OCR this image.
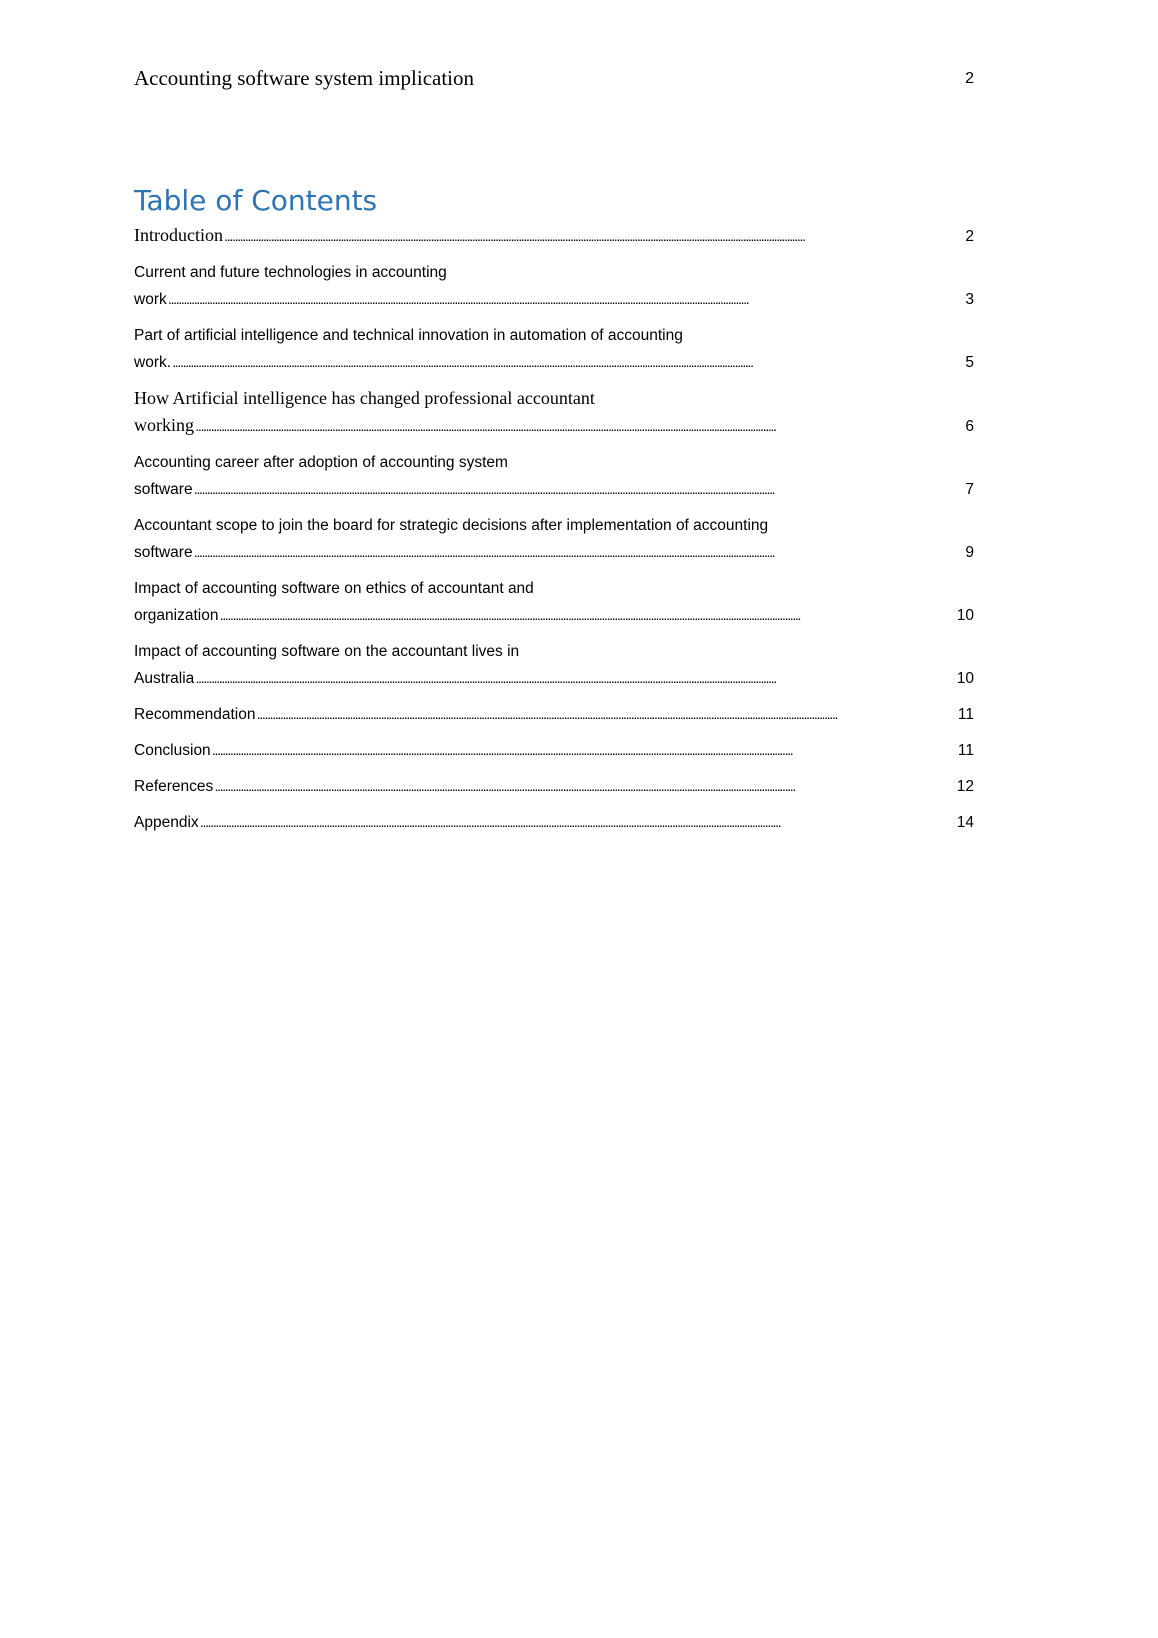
Accounting software system implication	2
Table of Contents
Introduction . . .	2
Current and future technologies in accounting work . . .	3
Part of artificial intelligence and technical innovation in automation of accounting work. . . .	5
How Artificial intelligence has changed professional accountant working . . .	6
Accounting career after adoption of accounting system software . . .	7
Accountant scope to join the board for strategic decisions after implementation of accounting software . . .	9
Impact of accounting software on ethics of accountant and organization . . .	10
Impact of accounting software on the accountant lives in Australia . . .	10
Recommendation . . .	11
Conclusion . . .	11
References . . .	12
Appendix . . .	14
